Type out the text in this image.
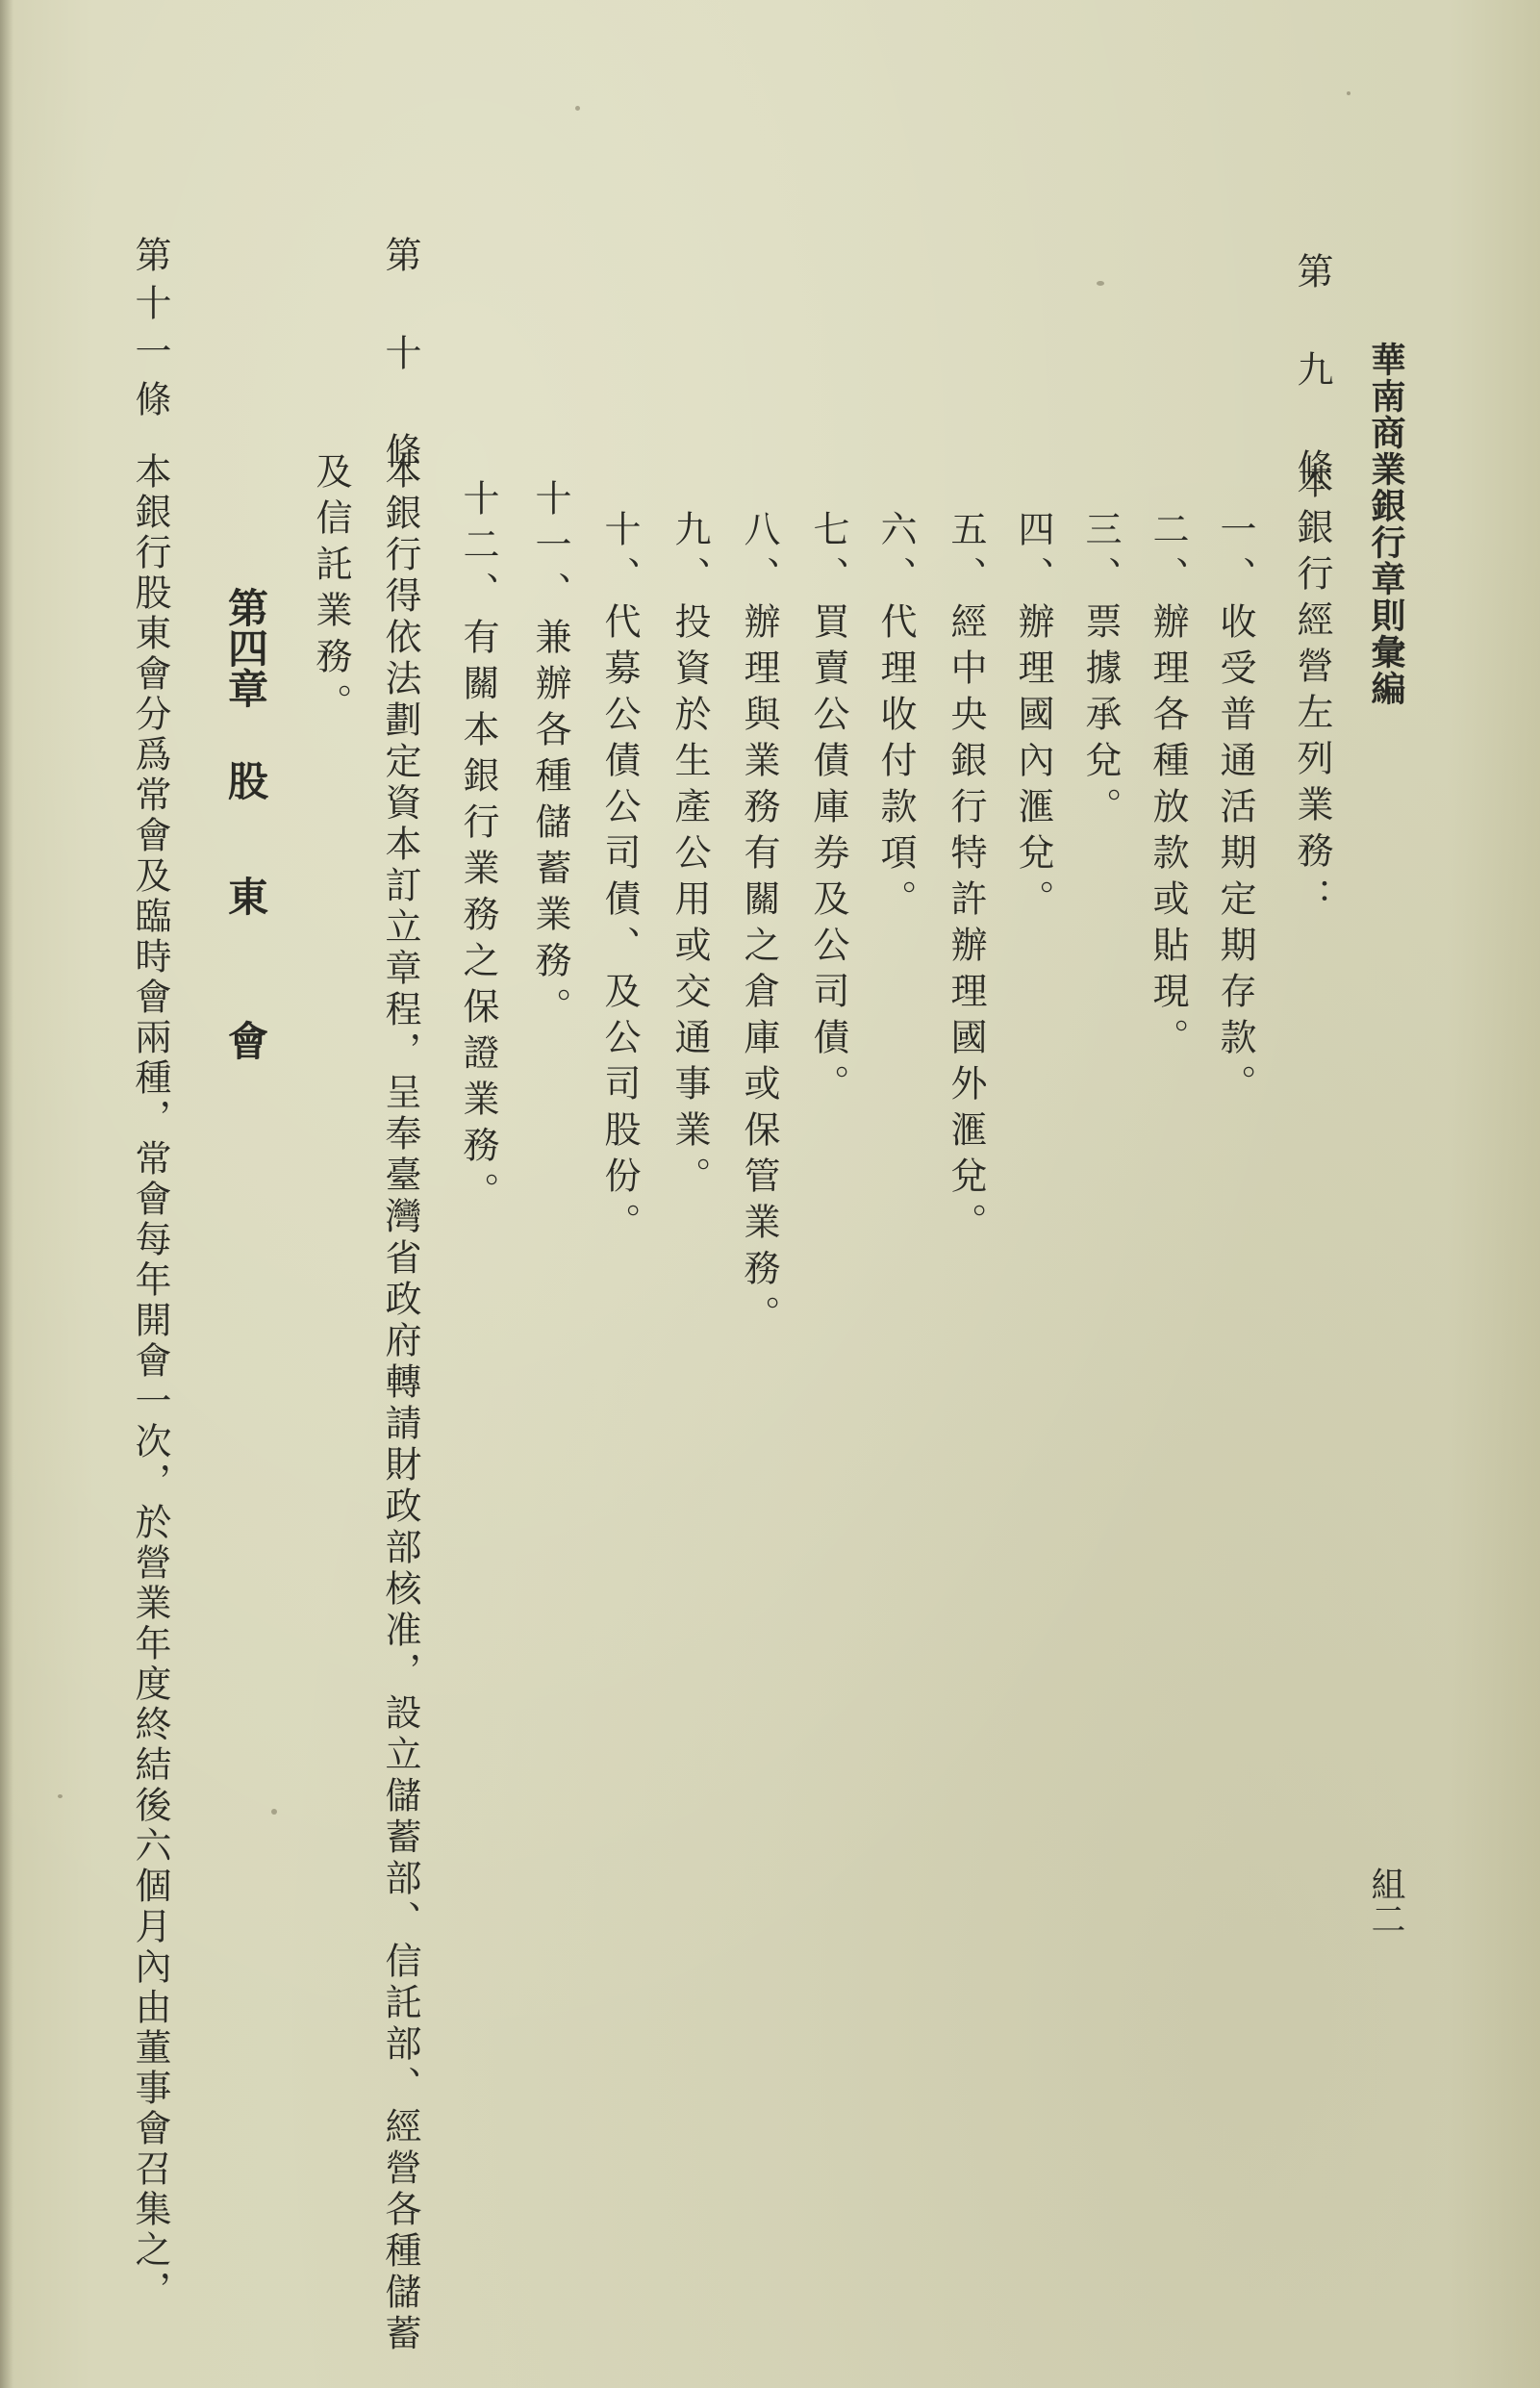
華南商業銀行章則彙編
組二
第 九 條
本銀行經營左列業務：
一、收受普通活期定期存款。
二、辦理各種放款或貼現。
三、票據承兌。
四、辦理國內滙兌。
五、經中央銀行特許辦理國外滙兌。
六、代理收付款項。
七、買賣公債庫券及公司債。
八、辦理與業務有關之倉庫或保管業務。
九、投資於生產公用或交通事業。
十、代募公債公司債、及公司股份。
十一、兼辦各種儲蓄業務。
十二、有關本銀行業務之保證業務。
第 十 條
本銀行得依法劃定資本訂立章程，呈奉臺灣省政府轉請財政部核准，設立儲蓄部、信託部、經營各種儲蓄
及信託業務。
第四章
股
東
會
第十一條
本銀行股東會分爲常會及臨時會兩種，常會每年開會一次，於營業年度終結後六個月內由董事會召集之，
